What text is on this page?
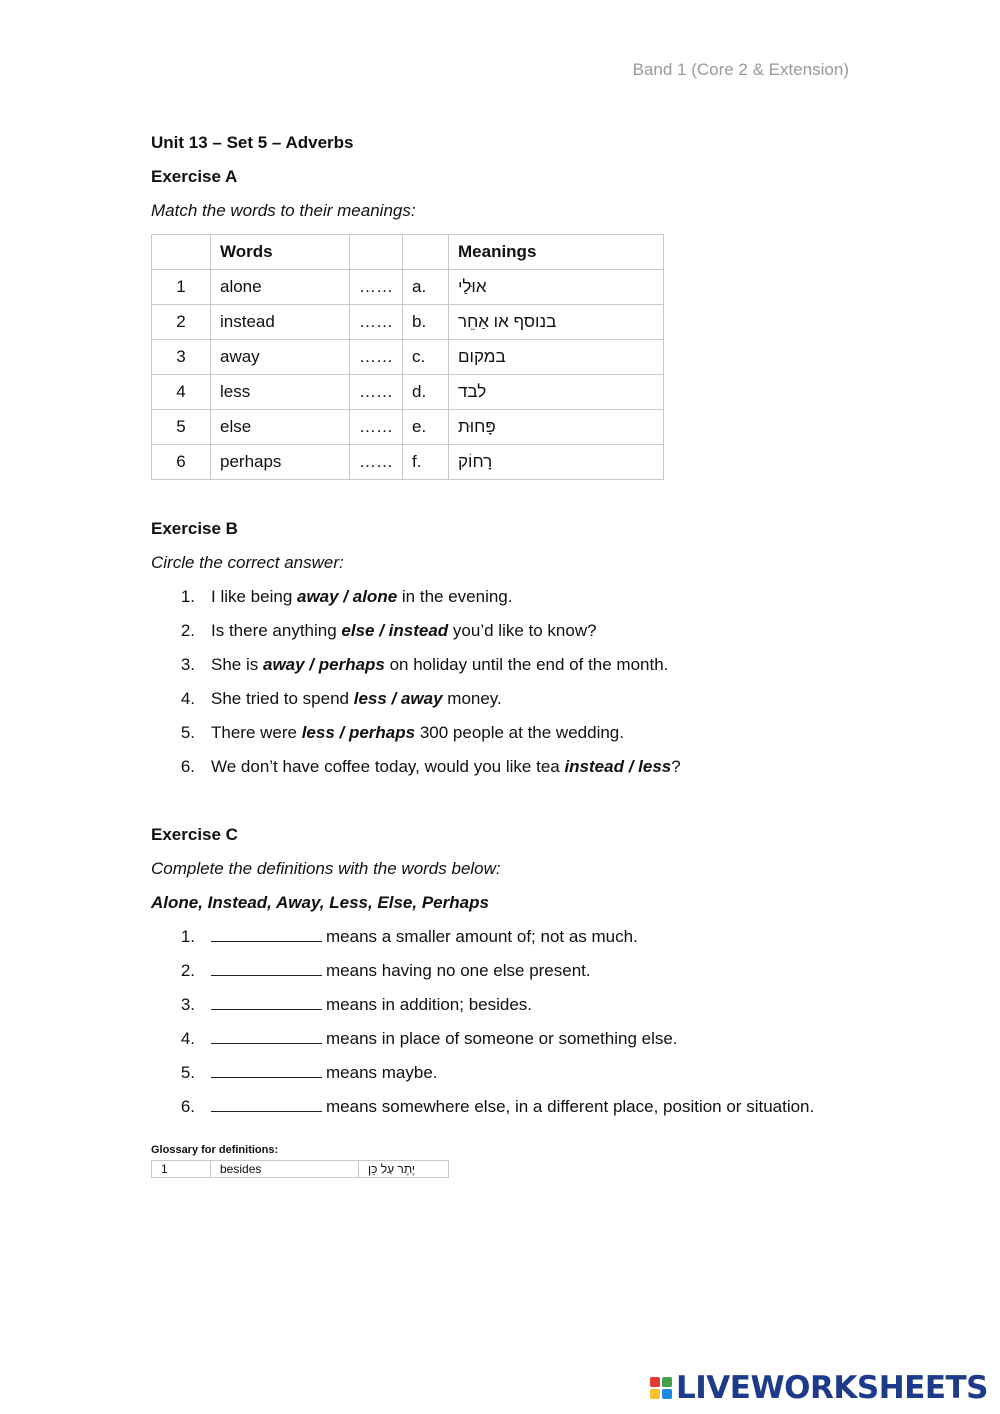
Band 1 (Core 2 & Extension)
Unit 13 – Set 5 – Adverbs
Exercise A
Match the words to their meanings:
	Words			Meanings
1	alone	……	a.	אוּלַי
2	instead	……	b.	בנוסף או אַחֵר
3	away	……	c.	במקום
4	less	……	d.	לבד
5	else	……	e.	פָּחוּת
6	perhaps	……	f.	רָחוֹק
Exercise B
Circle the correct answer:
1. I like being away / alone in the evening.
2. Is there anything else / instead you’d like to know?
3. She is away / perhaps on holiday until the end of the month.
4. She tried to spend less / away money.
5. There were less / perhaps 300 people at the wedding.
6. We don’t have coffee today, would you like tea instead / less?
Exercise C
Complete the definitions with the words below:
Alone, Instead, Away, Less, Else, Perhaps
1.	means a smaller amount of; not as much.
2.	means having no one else present.
3.	means in addition; besides.
4.	means in place of someone or something else.
5.	means maybe.
6.	means somewhere else, in a different place, position or situation.
Glossary for definitions:
1	besides	יֶתֶר עַל כֵּן
LIVEWORKSHEETS
